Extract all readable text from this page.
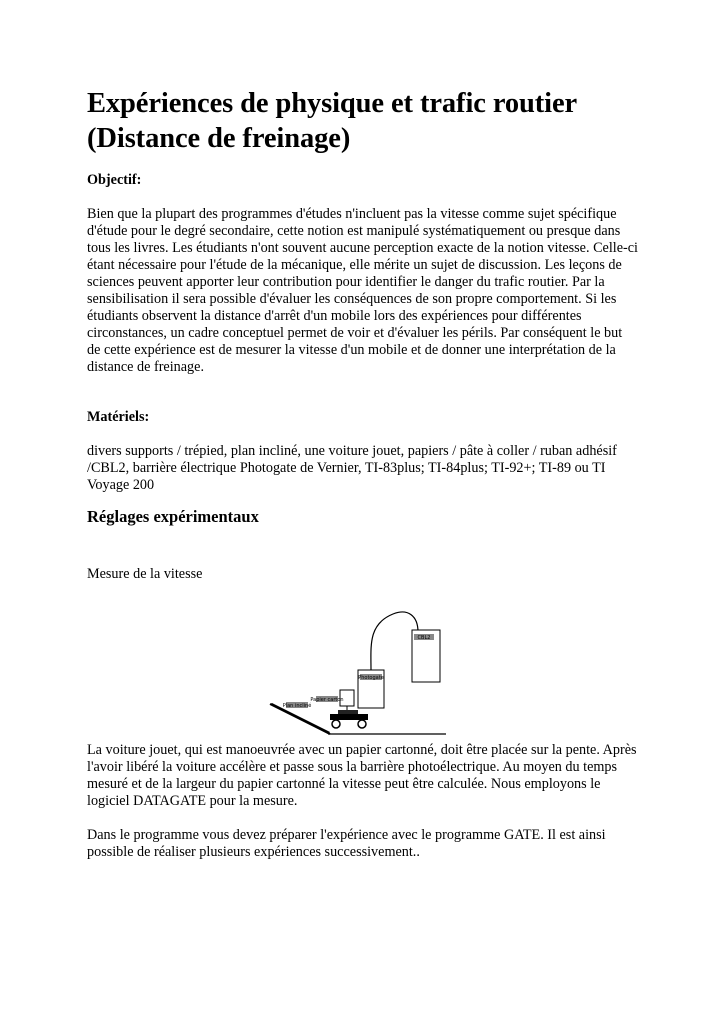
Expériences de physique et trafic routier
(Distance de freinage)
Objectif:

Bien que la plupart des programmes d'études n'incluent pas la vitesse comme sujet spécifique d'étude pour le degré secondaire, cette notion est manipulé systématiquement ou presque dans tous les livres. Les étudiants n'ont souvent aucune perception exacte de la notion vitesse. Celle-ci étant nécessaire pour l'étude de la mécanique, elle mérite un sujet de discussion. Les leçons de sciences peuvent apporter leur contribution pour identifier le danger du trafic routier. Par la sensibilisation il sera possible d'évaluer les conséquences de son propre comportement. Si les étudiants observent la distance d'arrêt d'un mobile lors des expériences pour différentes circonstances, un cadre conceptuel permet de voir et d'évaluer les périls. Par conséquent le but de cette expérience est de mesurer la vitesse d'un mobile et de donner une interprétation de la distance de freinage.

Matériels:

divers supports / trépied, plan incliné, une voiture jouet, papiers / pâte à coller / ruban adhésif /CBL2, barrière électrique Photogate de Vernier, TI-83plus; TI-84plus; TI-92+; TI-89 ou TI Voyage 200

Réglages expérimentaux

Mesure de la vitesse

La voiture jouet, qui est manoeuvrée avec un papier cartonné, doit être placée sur la pente. Après l'avoir libéré la voiture accélère et passe sous la barrière photoélectrique. Au moyen du temps mesuré et de la largeur du papier cartonné la vitesse peut être calculée. Nous employons le logiciel DATAGATE pour la mesure.

Dans le programme vous devez préparer l'expérience avec le programme GATE. Il est ainsi possible de réaliser plusieurs expériences successivement..

Plan incliné
Papier carton
Photogate
CBL2
